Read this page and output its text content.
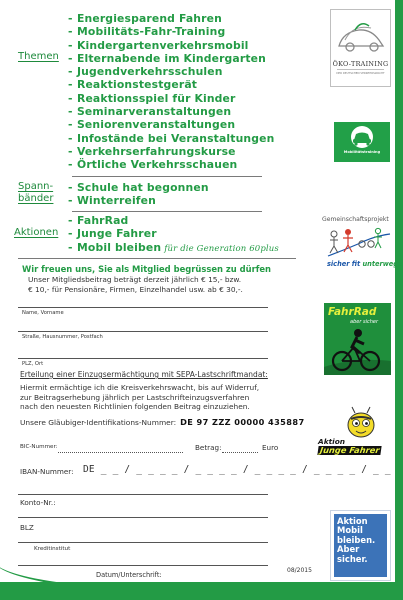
Themen
- Energiesparend Fahren
- Mobilitäts-Fahr-Training
- Kindergartenverkehrsmobil
- Elternabende im Kindergarten
- Jugendverkehrsschulen
- Reaktionstestgerät
- Reaktionsspiel für Kinder
- Seminarveranstaltungen
- Seniorenveranstaltungen
- Infostände bei Veranstaltungen
- Verkehrserfahrungskurse
- Örtliche Verkehrsschauen
Spann-
bänder
- Schule hat begonnen
- Winterreifen
Aktionen
- FahrRad
- Junge Fahrer
- Mobil bleiben für die Generation 60plus
Wir freuen uns, Sie als Mitglied begrüssen zu dürfen
Unser Mitgliedsbeitrag beträgt derzeit jährlich € 15,- bzw.
€ 10,- für Pensionäre, Firmen, Einzelhandel usw. ab € 30,-.
Name, Vorname
Straße, Hausnummer, Postfach
PLZ, Ort
Erteilung einer Einzugsermächtigung mit SEPA-Lastschriftmandat:
Hiermit ermächtige ich die Kreisverkehrswacht, bis auf Widerruf,
zur Beitragserhebung jährlich per Lastschrifteinzugsverfahren
nach den neuesten Richtlinien folgenden Beitrag einzuziehen.
Unsere Gläubiger-Identifikations-Nummer: DE 97 ZZZ 00000 435887
BIC-Nummer:	Betrag:	Euro
IBAN-Nummer: DE _ _ / _ _ _ _ / _ _ _ _ / _ _ _ _ / _ _ _ _ / _ _
Konto-Nr.:
BLZ
Kreditinstitut
Datum/Unterschrift:
08/2015
ÖKO-TRAINING
DER DEUTSCHEN VERKEHRSWACHT
Mobilitätstraining
Gemeinschaftsprojekt
sicher fit unterwegs
FahrRad
aber sicher
Aktion
Junge Fahrer
Aktion
Mobil
bleiben.
Aber
sicher.
